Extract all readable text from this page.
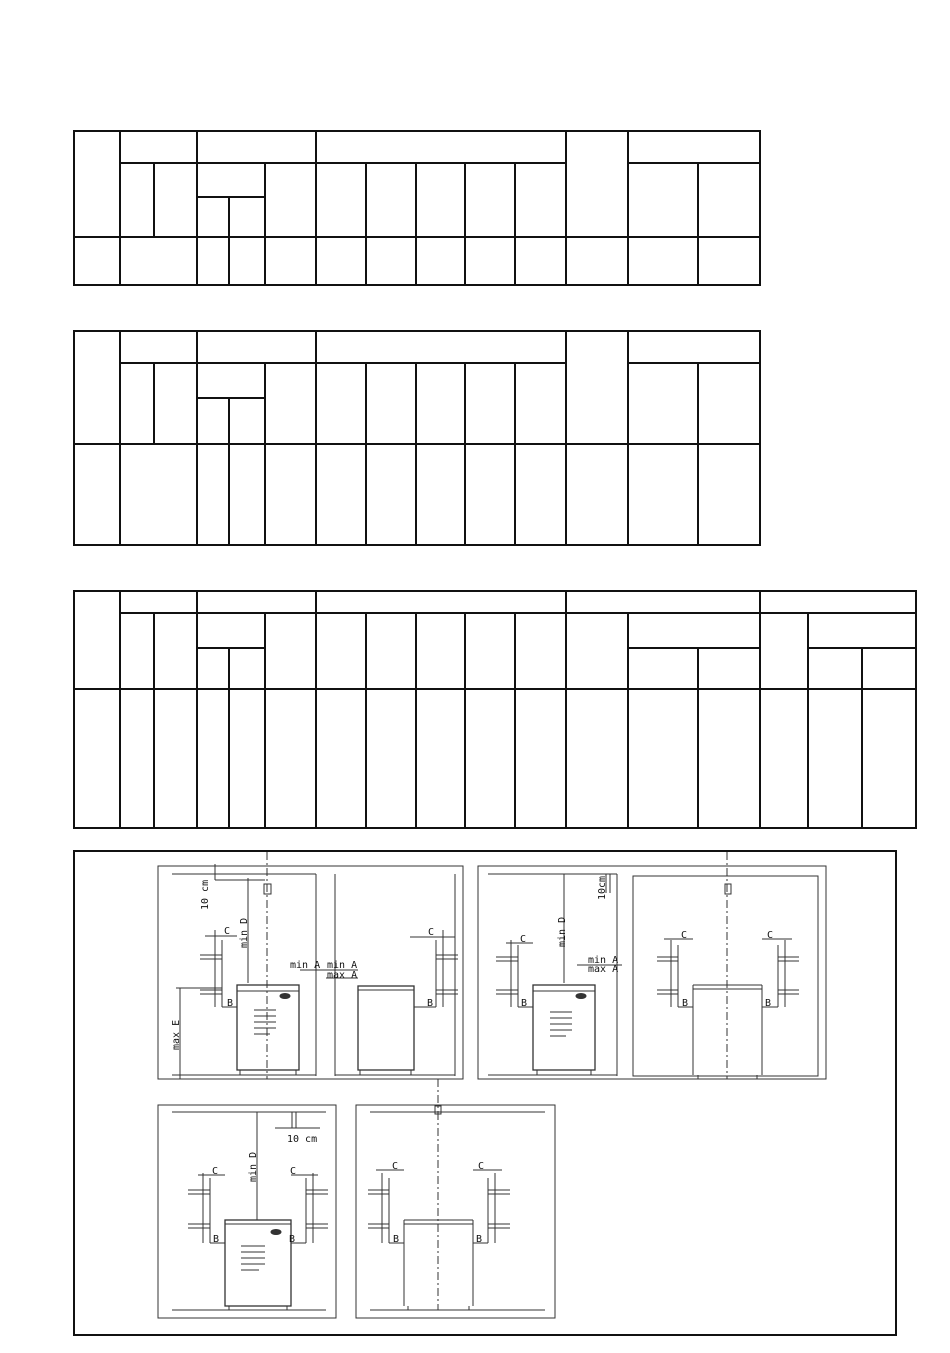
10 cm
min D
max E
C
min A min A
max A
B
C
B
min D
10cm
min A
max A
C
B
C	C
B	B
10 cm
min D
C	C
B	B
C	C
B	B
